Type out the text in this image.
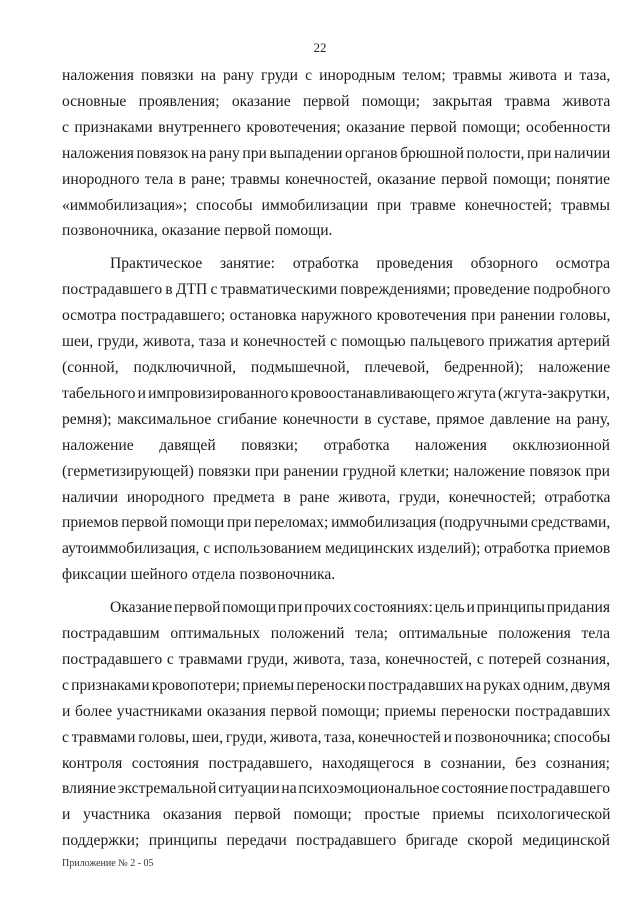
22
наложения повязки на рану груди с инородным телом; травмы живота и таза,
основные проявления; оказание первой помощи; закрытая травма живота
с признаками внутреннего кровотечения; оказание первой помощи; особенности
наложения повязок на рану при выпадении органов брюшной полости, при наличии
инородного тела в ране; травмы конечностей, оказание первой помощи; понятие
«иммобилизация»; способы иммобилизации при травме конечностей; травмы
позвоночника, оказание первой помощи.
Практическое занятие: отработка проведения обзорного осмотра
пострадавшего в ДТП с травматическими повреждениями; проведение подробного
осмотра пострадавшего; остановка наружного кровотечения при ранении головы,
шеи, груди, живота, таза и конечностей с помощью пальцевого прижатия артерий
(сонной, подключичной, подмышечной, плечевой, бедренной); наложение
табельного и импровизированного кровоостанавливающего жгута (жгута-закрутки,
ремня); максимальное сгибание конечности в суставе, прямое давление на рану,
наложение давящей повязки; отработка наложения окклюзионной
(герметизирующей) повязки при ранении грудной клетки; наложение повязок при
наличии инородного предмета в ране живота, груди, конечностей; отработка
приемов первой помощи при переломах; иммобилизация (подручными средствами,
аутоиммобилизация, с использованием медицинских изделий); отработка приемов
фиксации шейного отдела позвоночника.
Оказание первой помощи при прочих состояниях: цель и принципы придания
пострадавшим оптимальных положений тела; оптимальные положения тела
пострадавшего с травмами груди, живота, таза, конечностей, с потерей сознания,
с признаками кровопотери; приемы переноски пострадавших на руках одним, двумя
и более участниками оказания первой помощи; приемы переноски пострадавших
с травмами головы, шеи, груди, живота, таза, конечностей и позвоночника; способы
контроля состояния пострадавшего, находящегося в сознании, без сознания;
влияние экстремальной ситуации на психоэмоциональное состояние пострадавшего
и участника оказания первой помощи; простые приемы психологической
поддержки; принципы передачи пострадавшего бригаде скорой медицинской
Приложение № 2 - 05
